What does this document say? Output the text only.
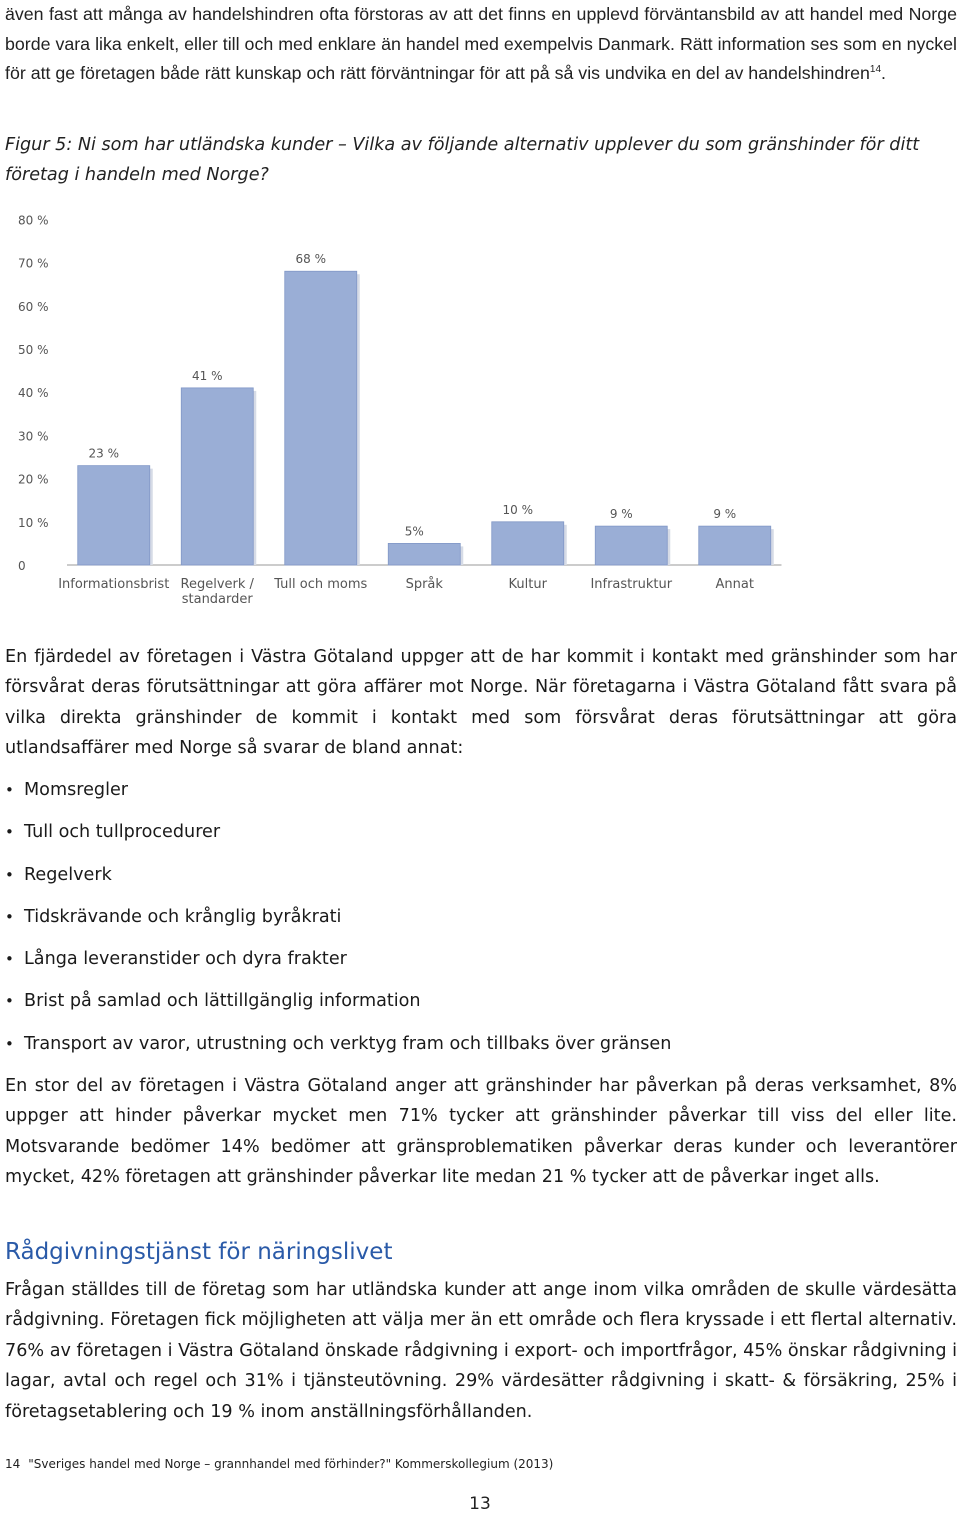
även fast att många av handelshindren ofta förstoras av att det finns en upplevd förväntansbild av att handel med Norge borde vara lika enkelt, eller till och med enklare än handel med exempelvis Danmark. Rätt information ses som en nyckel för att ge företagen både rätt kunskap och rätt förväntningar för att på så vis undvika en del av handelshindren$^{14}$.

Figur 5: Ni som har utländska kunder – Vilka av följande alternativ upplever du som gränshinder för ditt företag i handeln med Norge?

0
10 %
20 %
30 %
40 %
50 %
60 %
70 %
80 %
23 %
Informationsbrist
41 %
Regelverk /
standarder
68 %
Tull och moms
5%
Språk
10 %
Kultur
9 %
Infrastruktur
9 %
Annat

En fjärdedel av företagen i Västra Götaland uppger att de har kommit i kontakt med gränshinder som har försvårat deras förutsättningar att göra affärer mot Norge. När företagarna i Västra Götaland fått svara på vilka direkta gränshinder de kommit i kontakt med som försvårat deras förutsättningar att göra utlandsaffärer med Norge så svarar de bland annat:

• Momsregler
• Tull och tullprocedurer
• Regelverk
• Tidskrävande och krånglig byråkrati
• Långa leveranstider och dyra frakter
• Brist på samlad och lättillgänglig information
• Transport av varor, utrustning och verktyg fram och tillbaks över gränsen

En stor del av företagen i Västra Götaland anger att gränshinder har påverkan på deras verksamhet, 8% uppger att hinder påverkar mycket men 71% tycker att gränshinder påverkar till viss del eller lite. Motsvarande bedömer 14% bedömer att gränsproblematiken påverkar deras kunder och leverantörer mycket, 42% företagen att gränshinder påverkar lite medan 21 % tycker att de påverkar inget alls.

Rådgivningstjänst för näringslivet

Frågan ställdes till de företag som har utländska kunder att ange inom vilka områden de skulle värdesätta rådgivning. Företagen fick möjligheten att välja mer än ett område och flera kryssade i ett flertal alternativ. 76% av företagen i Västra Götaland önskade rådgivning i export- och importfrågor, 45% önskar rådgivning i lagar, avtal och regel och 31% i tjänsteutövning. 29% värdesätter rådgivning i skatt- & försäkring, 25% i företagsetablering och 19 % inom anställningsförhållanden.

14 "Sveriges handel med Norge – grannhandel med förhinder?" Kommerskollegium (2013)
13
